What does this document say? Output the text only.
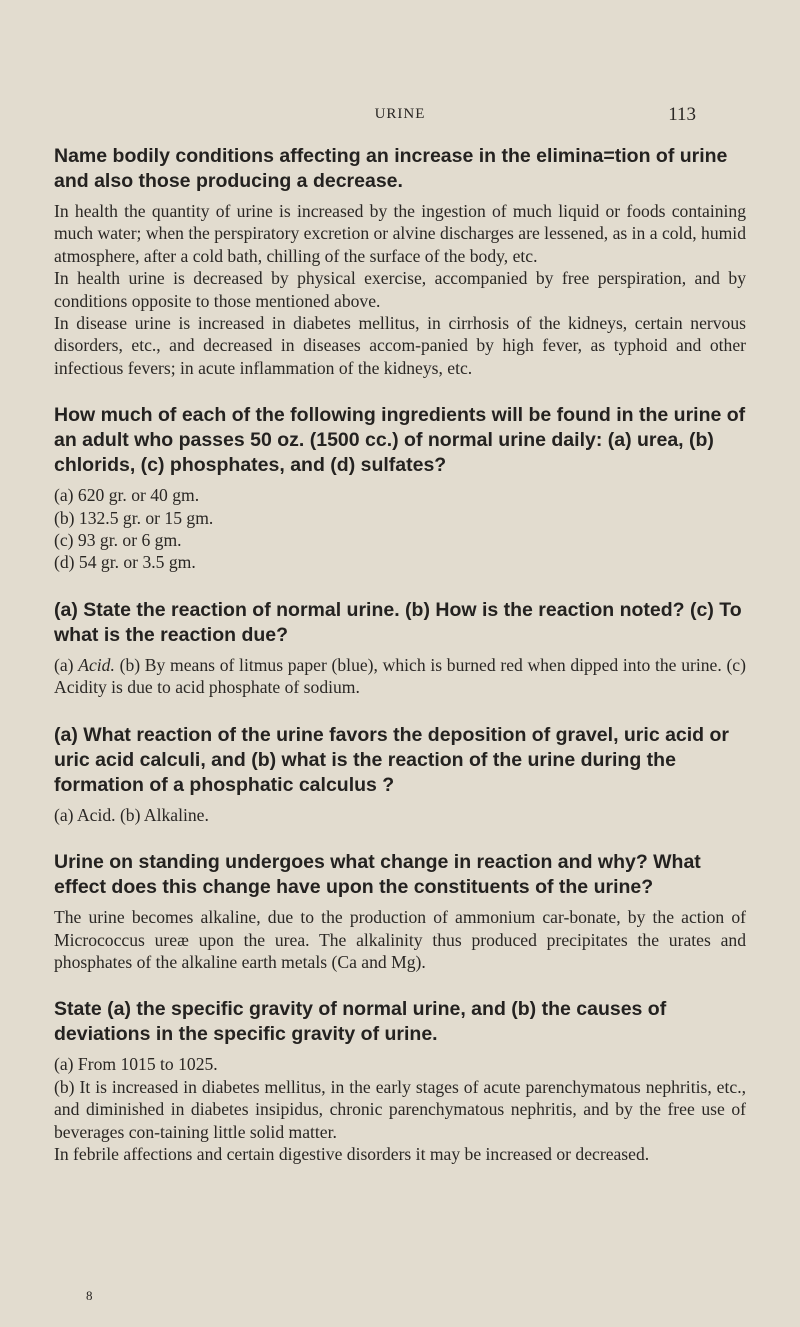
URINE	113

Name bodily conditions affecting an increase in the elimina=tion of urine and also those producing a decrease.

In health the quantity of urine is increased by the ingestion of much liquid or foods containing much water; when the perspiratory excretion or alvine discharges are lessened, as in a cold, humid atmosphere, after a cold bath, chilling of the surface of the body, etc.

In health urine is decreased by physical exercise, accompanied by free perspiration, and by conditions opposite to those mentioned above.

In disease urine is increased in diabetes mellitus, in cirrhosis of the kidneys, certain nervous disorders, etc., and decreased in diseases accom-panied by high fever, as typhoid and other infectious fevers; in acute inflammation of the kidneys, etc.

How much of each of the following ingredients will be found in the urine of an adult who passes 50 oz. (1500 cc.) of normal urine daily: (a) urea, (b) chlorids, (c) phosphates, and (d) sulfates?

(a) 620 gr. or 40 gm.

(b) 132.5 gr. or 15 gm.

(c) 93 gr. or 6 gm.

(d) 54 gr. or 3.5 gm.

(a) State the reaction of normal urine. (b) How is the reaction noted? (c) To what is the reaction due?

(a) Acid. (b) By means of litmus paper (blue), which is burned red when dipped into the urine. (c) Acidity is due to acid phosphate of sodium.

(a) What reaction of the urine favors the deposition of gravel, uric acid or uric acid calculi, and (b) what is the reaction of the urine during the formation of a phosphatic calculus ?

(a) Acid. (b) Alkaline.

Urine on standing undergoes what change in reaction and why? What effect does this change have upon the constituents of the urine?

The urine becomes alkaline, due to the production of ammonium car-bonate, by the action of Micrococcus ureæ upon the urea. The alkalinity thus produced precipitates the urates and phosphates of the alkaline earth metals (Ca and Mg).

State (a) the specific gravity of normal urine, and (b) the causes of deviations in the specific gravity of urine.

(a) From 1015 to 1025.

(b) It is increased in diabetes mellitus, in the early stages of acute parenchymatous nephritis, etc., and diminished in diabetes insipidus, chronic parenchymatous nephritis, and by the free use of beverages con-taining little solid matter.

In febrile affections and certain digestive disorders it may be increased or decreased.

8
